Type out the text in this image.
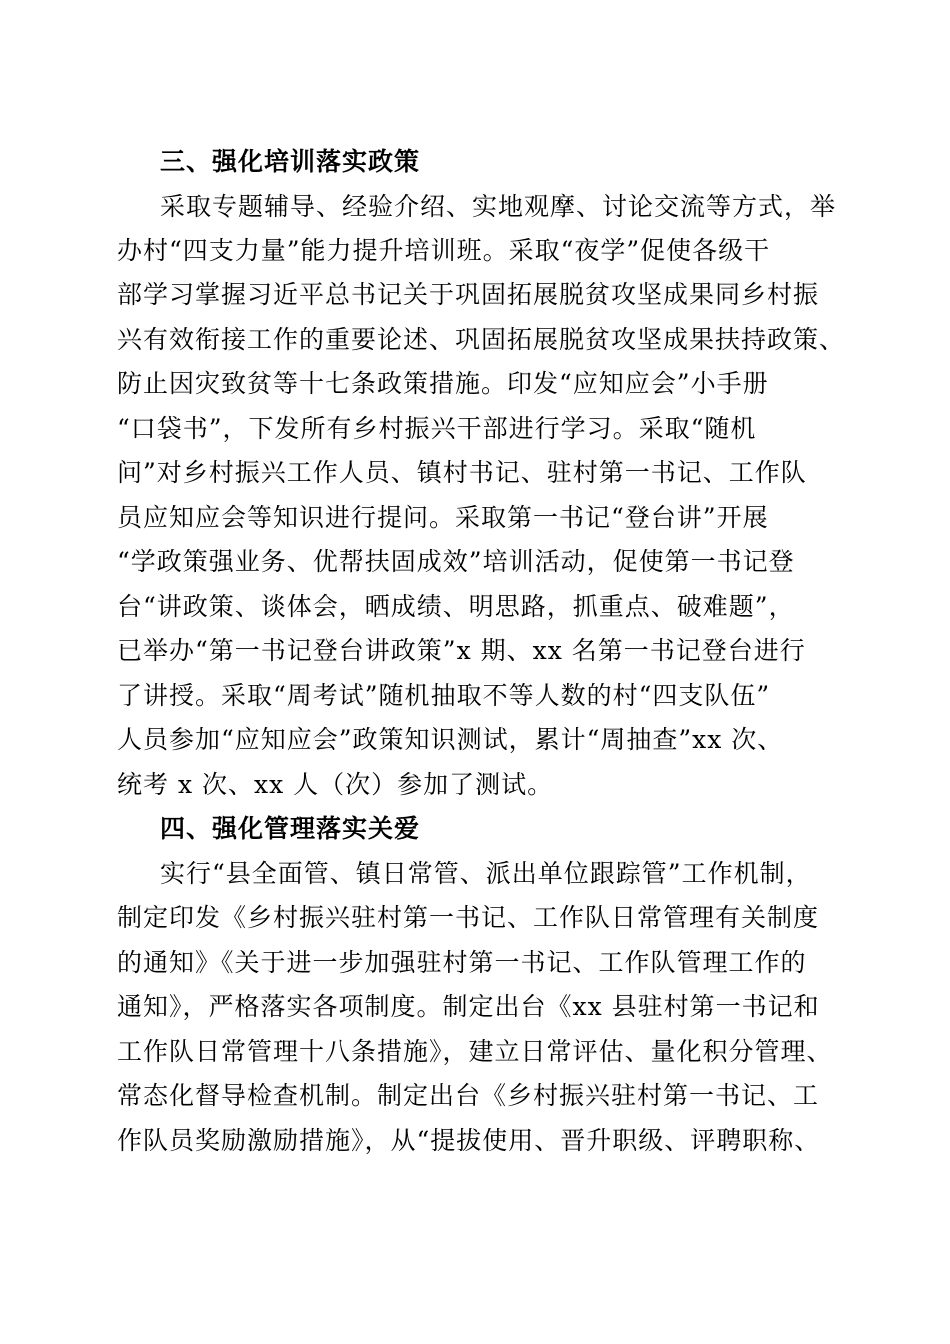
三、强化培训落实政策
采取专题辅导、经验介绍、实地观摩、讨论交流等方式，举
办村“四支力量”能力提升培训班。采取“夜学”促使各级干
部学习掌握习近平总书记关于巩固拓展脱贫攻坚成果同乡村振
兴有效衔接工作的重要论述、巩固拓展脱贫攻坚成果扶持政策、
防止因灾致贫等十七条政策措施。印发“应知应会”小手册
“口袋书”，下发所有乡村振兴干部进行学习。采取“随机
问”对乡村振兴工作人员、镇村书记、驻村第一书记、工作队
员应知应会等知识进行提问。采取第一书记“登台讲”开展
“学政策强业务、优帮扶固成效”培训活动，促使第一书记登
台“讲政策、谈体会，晒成绩、明思路，抓重点、破难题”，
已举办“第一书记登台讲政策”x 期、xx 名第一书记登台进行
了讲授。采取“周考试”随机抽取不等人数的村“四支队伍”
人员参加“应知应会”政策知识测试，累计“周抽查”xx 次、
统考 x 次、xx 人（次）参加了测试。
四、强化管理落实关爱
实行“县全面管、镇日常管、派出单位跟踪管”工作机制，
制定印发《乡村振兴驻村第一书记、工作队日常管理有关制度
的通知》《关于进一步加强驻村第一书记、工作队管理工作的
通知》，严格落实各项制度。制定出台《xx 县驻村第一书记和
工作队日常管理十八条措施》，建立日常评估、量化积分管理、
常态化督导检查机制。制定出台《乡村振兴驻村第一书记、工
作队员奖励激励措施》，从“提拔使用、晋升职级、评聘职称、
